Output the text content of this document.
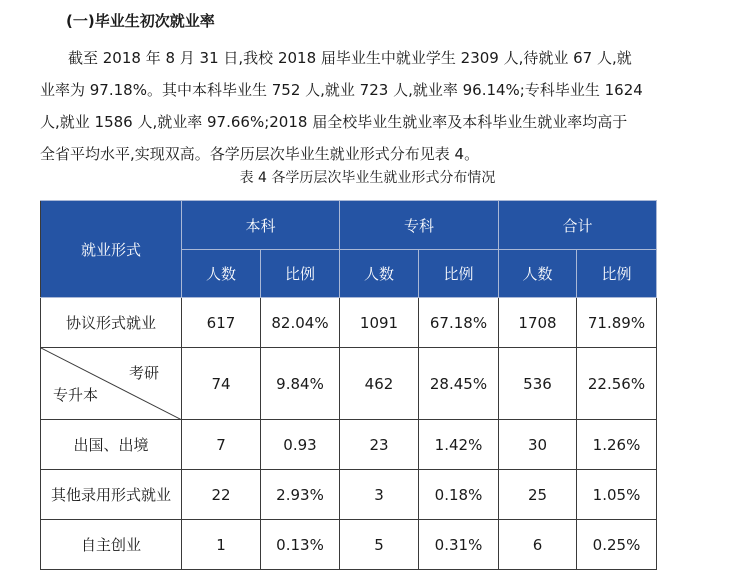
(一)毕业生初次就业率

截至 2018 年 8 月 31 日,我校 2018 届毕业生中就业学生 2309 人,待就业 67 人,就

业率为 97.18%。其中本科毕业生 752 人,就业 723 人,就业率 96.14%;专科毕业生 1624

人,就业 1586 人,就业率 97.66%;2018 届全校毕业生就业率及本科毕业生就业率均高于

全省平均水平,实现双高。各学历层次毕业生就业形式分布见表 4。

表 4 各学历层次毕业生就业形式分布情况
就业形式	本科		专科		合计	
	人数	比例	人数	比例	人数	比例
协议形式就业	617	82.04%	1091	67.18%	1708	71.89%

考研
专升本	74	9.84%	462	28.45%	536	22.56%
出国、出境	7	0.93	23	1.42%	30	1.26%
其他录用形式就业	22	2.93%	3	0.18%	25	1.05%
自主创业	1	0.13%	5	0.31%	6	0.25%
